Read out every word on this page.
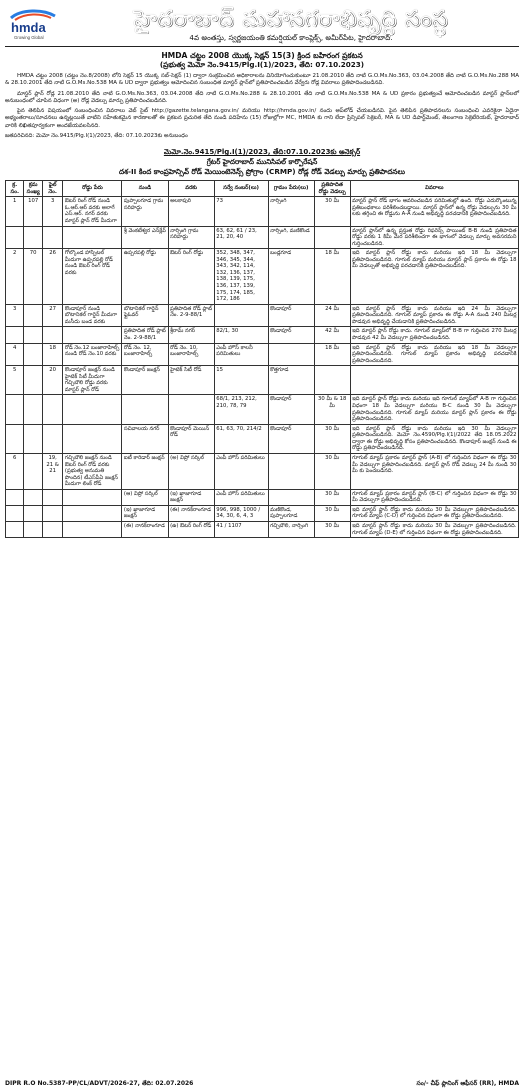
hmda
Growing Global
హైదరాబాద్ మహానగరాభివృద్ధి సంస్థ
4వ అంతస్తు, స్వర్ణజయంతి కమర్షియల్ కాంప్లెక్స్, అమీర్‌పేట, హైదరాబాద్.
HMDA చట్టం 2008 యొక్క సెక్షన్ 15(3) క్రింద బహిరంగ ప్రకటన
(ప్రభుత్వ మెమో నెం.9415/Plg.I(1)/2023, తేది: 07.10.2023)

HMDA చట్టం 2008 (చట్టం నెం.8/2008) లోని సెక్షన్ 15 యొక్క సబ్-సెక్షన్ (1) ద్వారా సంక్రమించిన అధికారాలను వినియోగించుకుంటూ 21.08.2010 తేది నాటి G.O.Ms.No.363, 03.04.2008 తేది నాటి G.O.Ms.No.288 MA & 28.10.2001 తేది నాటి G.O.Ms.No.538 MA & UD ద్వారా ప్రభుత్వం ఆమోదించిన సంబంధిత మాస్టర్ ప్లాన్‌లో ప్రతిపాదించబడిన వేర్వేరు రోడ్ల వివరాలు ప్రతిపాదించబడినవి.

మాస్టర్ ప్లాన్ రోడ్ల 21.08.2010 తేది నాటి G.O.Ms.No.363, 03.04.2008 తేది నాటి G.O.Ms.No.288 & 28.10.2001 తేది నాటి G.O.Ms.No.538 MA & UD ప్రకారం ప్రభుత్వంచే ఆమోదించబడిన మాస్టర్ ప్లాన్‌లలో అనుబంధంలో చూపిన విధంగా (అ) రోడ్ల వెడల్పు మార్పు ప్రతిపాదించబడినది.

పైన తెలిపిన విషయంలో సంబంధించిన వివరాలు వెబ్ సైట్ http://gazette.telangana.gov.in/ మరియు http://hmda.gov.in/ నందు అప్‌లోడ్ చేయబడినవి. పైన తెలిపిన ప్రతిపాదనలను సంబంధించి ఎవరికైనా ఏదైనా అభ్యంతరాలు/సూచనలు ఉన్నట్లయితే వాటిని సహేతుకమైన కారణాలతో ఈ ప్రకటన ప్రచురిత తేది నుండి పదిహేను (15) రోజుల్లోగా MC, HMDA కు గాని లేదా ప్రిన్సిపల్ సెక్రెటరీ, MA & UD డిపార్ట్‌మెంట్, తెలంగాణ సెక్రెటేరియట్, హైదరాబాద్ వారికి లిఖితపూర్వకంగా అందజేయవలసినది.

జతపరిచినది: మెమో నెం.9415/Plg.I(1)/2023, తేది: 07.10.2023కు అనుబంధం

మెమో.నెం.9415/Plg.I(1)/2023, తేది:07.10.2023కు అనెక్సర్
గ్రేటర్ హైదరాబాద్ మునిసిపల్ కార్పొరేషన్
దశ-II కింద కాంప్రహెన్సివ్ రోడ్ మెయింటెనెన్స్ ప్రోగ్రాం (CRMP) రోడ్ల రోడ్ వెడల్పు మార్పు ప్రతిపాదనలు
క్ర. సం.	క్రమ సంఖ్య	ఫైల్ నెం.	రోడ్డు పేరు	నుండి	వరకు	సర్వే నంబర్(లు)	గ్రామం పేరు(లు)	ప్రతిపాదిత రోడ్డు వెడల్పు	వివరాలు
1	107	3	ఔటర్ రింగ్ రోడ్ నుండి ఓ.ఆర్.ఆర్ వరకు అలాగే ఎస్.ఆర్. నగర్ వరకు మాస్టర్ ప్లాన్ రోడ్ మీదుగా	పుప్పాలగూడ గ్రామ సరిహద్దు	అలకాపురి	73	నార్సింగి	30 మీ	మాస్టర్ ప్లాన్ రోడ్ భాగం ఆవరించబడిన పరిమితుల్లో ఉంది. రోడ్డు ఎదుర్కొంటున్న ప్రతిబంధకాలు పరిశీలించబడ్డాయి. మాస్టర్ ప్లాన్‌లో ఉన్న రోడ్డు వెడల్పును 30 మీ లకు తగ్గించి ఈ రోడ్డును A-A నుండి అభివృద్ధి పరచడానికి ప్రతిపాదించబడినది.
				శ్రీ వెంకటేశ్వర ఎన్‌క్లేవ్	నార్సింగి గ్రామ సరిహద్దు	63, 62, 61 / 23, 21, 20, 40	నార్సింగి, మణికొండ		మాస్టర్ ప్లాన్‌లో ఉన్న ప్రస్తుత రోడ్డు రిఫరెన్స్ పాయింట్ B-B నుండి ప్రతిపాదిత రోడ్డు వరకు 1 కిమీ మేర పరిశీలించగా ఈ భాగంలో వెడల్పు మార్పు అవసరమని గుర్తించబడినది.
2	70	26	గోల్కొండ హాస్పిటల్ మీదుగా ఉప్పరపల్లి రోడ్ నుండి ఔటర్ రింగ్ రోడ్ వరకు	ఉప్పరపల్లి రోడ్డు	ఔటర్ రింగ్ రోడ్డు	352, 348, 347, 346, 345, 344, 343, 342, 114, 132, 136, 137, 138, 139, 175, 136, 137, 139, 175, 174, 185, 172, 186	బండ్లగూడ	18 మీ	ఇది మాస్టర్ ప్లాన్ రోడ్డు కాదు మరియు ఇది 18 మీ వెడల్పుగా ప్రతిపాదించబడినది. గూగుల్ మ్యాప్ మరియు మాస్టర్ ప్లాన్ ప్రకారం ఈ రోడ్డు 18 మీ వెడల్పుతో అభివృద్ధి పరచడానికి ప్రతిపాదించబడినది.
3		27	కొండాపూర్ నుండి బొటానికల్ గార్డెన్ మీదుగా మసీదు బండ వరకు	బొటానికల్ గార్డెన్ ఫ్లైఓవర్	ప్రతిపాదిత రోడ్ ప్లాట్ నెం. 2-9-88/1		కొండాపూర్	24 మీ	ఇది మాస్టర్ ప్లాన్ రోడ్డు కాదు మరియు ఇది 24 మీ వెడల్పుగా ప్రతిపాదించబడినది. గూగుల్ మ్యాప్ ప్రకారం ఈ రోడ్డు A-A నుండి 240 మీటర్ల పొడవున అభివృద్ధి చేయడానికి ప్రతిపాదించబడినది.
				ప్రతిపాదిత రోడ్ ప్లాట్ నెం. 2-9-88/1	శ్రీరామ్ నగర్	82/1, 30	కొండాపూర్	42 మీ	ఇది మాస్టర్ ప్లాన్ రోడ్డు కాదు. గూగుల్ మ్యాప్‌లో B-B గా గుర్తించిన 270 మీటర్ల పొడవున 42 మీ వెడల్పుగా ప్రతిపాదించబడినది.
4		18	రోడ్ నెం.12 బంజారాహిల్స్ నుండి రోడ్ నెం.10 వరకు	రోడ్ నెం. 12, బంజారాహిల్స్	రోడ్ నెం. 10, బంజారాహిల్స్	ఎంపీ హౌస్ కాలనీ పరిమితులు		18 మీ	ఇది మాస్టర్ ప్లాన్ రోడ్డు కాదు మరియు ఇది 18 మీ వెడల్పుగా ప్రతిపాదించబడినది. గూగుల్ మ్యాప్ ప్రకారం అభివృద్ధి పరచడానికి ప్రతిపాదించబడినది.
5		20	కొండాపూర్ జంక్షన్ నుండి హైటెక్ సిటీ మీదుగా గచ్చిబౌలి రోడ్డు వరకు మాస్టర్ ప్లాన్ రోడ్	కొండాపూర్ జంక్షన్	హైటెక్ సిటీ రోడ్	15	కొత్తగూడ		
						68/1, 213, 212, 210, 78, 79	కొండాపూర్	30 మీ & 18 మీ	ఇది మాస్టర్ ప్లాన్ రోడ్డు కాదు మరియు ఇది గూగుల్ మ్యాప్‌లో A-B గా గుర్తించిన విధంగా 18 మీ వెడల్పుగా మరియు B-C నుండి 30 మీ వెడల్పుగా ప్రతిపాదించబడినది. గూగుల్ మ్యాప్ మరియు మాస్టర్ ప్లాన్ ప్రకారం ఈ రోడ్డు ప్రతిపాదించబడినది.
				సచివాలయ నగర్	కొండాపూర్ మెయిన్ రోడ్	61, 63, 70, 214/2	కొండాపూర్	30 మీ	ఇది మాస్టర్ ప్లాన్ రోడ్డు కాదు మరియు ఇది 30 మీ వెడల్పుగా ప్రతిపాదించబడినది. మెమో నెం.4590/Plg.I(1)/2022 తేది 18.05.2022 ద్వారా ఈ రోడ్డు అభివృద్ధి కోసం ప్రతిపాదించబడినది. కొండాపూర్ జంక్షన్ నుండి ఈ రోడ్డు ప్రతిపాదించబడినది.
6		19, 21 & 21	గచ్చిబౌలి జంక్షన్ నుండి ఔటర్ రింగ్ రోడ్ వరకు (ప్రభుత్వ అనుమతి పొందిన) టీఎస్‌పీఏ జంక్షన్ మీదుగా లింక్ రోడ్	ఐటీ కారిడార్ జంక్షన్	(అ) విప్రో సర్కిల్	ఎంపీ హౌస్ పరిమితులు		30 మీ	గూగుల్ మ్యాప్ ప్రకారం మాస్టర్ ప్లాన్ (A-B) లో గుర్తించిన విధంగా ఈ రోడ్డు 30 మీ వెడల్పుగా ప్రతిపాదించబడినది. మాస్టర్ ప్లాన్ రోడ్ వెడల్పు 24 మీ నుండి 30 మీ కు పెంచబడినది.
				(ఆ) విప్రో సర్కిల్	(ఇ) ఖాజాగూడ జంక్షన్	ఎంపీ హౌస్ పరిమితులు		30 మీ	గూగుల్ మ్యాప్ ప్రకారం మాస్టర్ ప్లాన్ (B-C) లో గుర్తించిన విధంగా ఈ రోడ్డు 30 మీ వెడల్పుగా ప్రతిపాదించబడినది.
				(ఇ) ఖాజాగూడ జంక్షన్	(ఈ) నానక్‌రాంగూడ	996, 998, 1000 / 34, 30, 6, 4, 3	మణికొండ, పుప్పాలగూడ	30 మీ	ఇది మాస్టర్ ప్లాన్ రోడ్డు కాదు మరియు 30 మీ వెడల్పుగా ప్రతిపాదించబడినది. గూగుల్ మ్యాప్ (C-D) లో గుర్తించిన విధంగా ఈ రోడ్డు ప్రతిపాదించబడినది.
				(ఈ) నానక్‌రాంగూడ	(ఉ) ఔటర్ రింగ్ రోడ్	41 / 1107	గచ్చిబౌలి, నార్సింగి	30 మీ	ఇది మాస్టర్ ప్లాన్ రోడ్డు కాదు మరియు 30 మీ వెడల్పుగా ప్రతిపాదించబడినది. గూగుల్ మ్యాప్ (D-E) లో గుర్తించిన విధంగా ఈ రోడ్డు ప్రతిపాదించబడినది.
DIPR R.O No.5387-PP/CL/ADVT/2026-27, తేది: 02.07.2026	సం/- చీఫ్ ప్లానింగ్ ఆఫీసర్ (RR), HMDA
